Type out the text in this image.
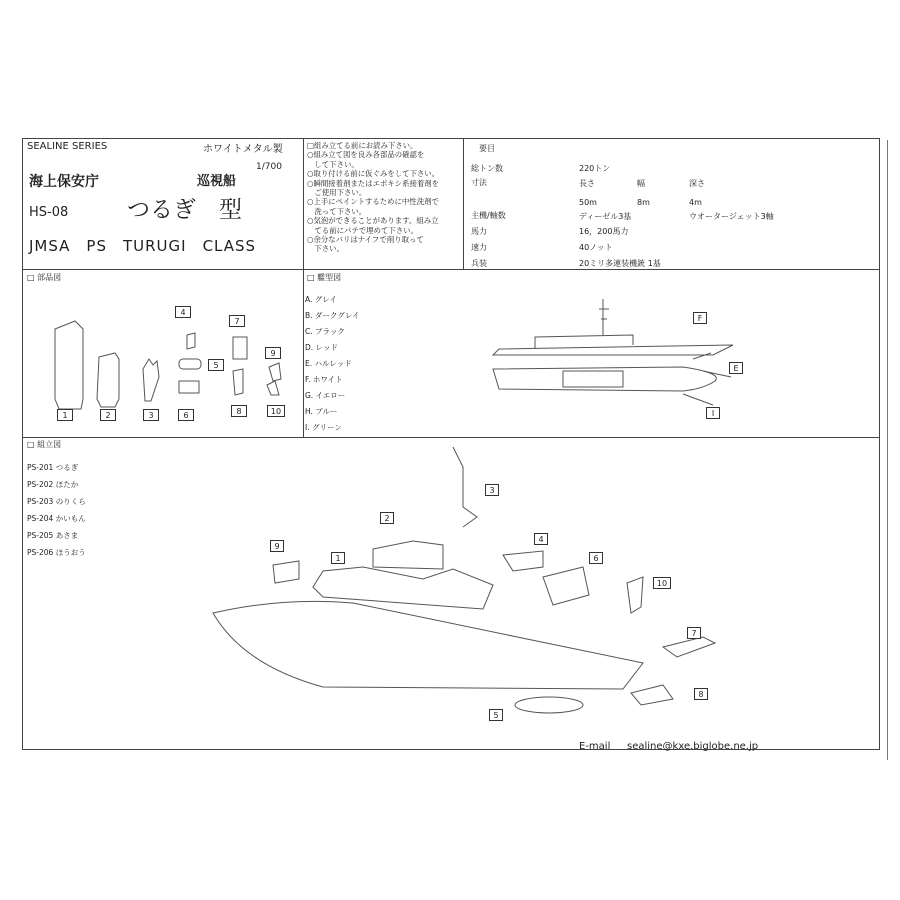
SEALINE SERIES	ホワイトメタル製
1/700
海上保安庁	巡視船
HS-08	つるぎ　型
JMSA　PS　TURUGI　CLASS
□組み立てる前にお読み下さい。
○組み立て図を良み各部品の確認を
　して下さい。
○取り付ける前に仮ぐみをして下さい。
○瞬間接着剤またはエポキシ系接着剤を
　ご使用下さい。
○上手にペイントするために中性洗剤で
　洗って下さい。
○気泡ができることがあります。組み立
　てる前にパテで埋めて下さい。
○余分なバリはナイフで削り取って
　下さい。
要目
総トン数	220トン
寸法	長さ	幅	深さ
50m	8m	4m
主機/軸数	ディーゼル3基	ウオータージェット3軸
馬力	16，200馬力
速力	40ノット
兵装	20ミリ多連装機銃 1基
□ 部品図
1	2	3
4
5
6
7
8
9
10
□ 艦型図
A. グレイ
B. ダークグレイ
C. ブラック
D. レッド
E. ハルレッド
F. ホワイト
G. イエロー
H. ブルー
I. グリーン
F
E
I
□ 組立図
PS-201 つるぎ
PS-202 ほたか
PS-203 のりくら
PS-204 かいもん
PS-205 あさま
PS-206 ほうおう
3
2
1
9
4
6
10
7
8
5
E-mail sealine@kxe.biglobe.ne.jp
